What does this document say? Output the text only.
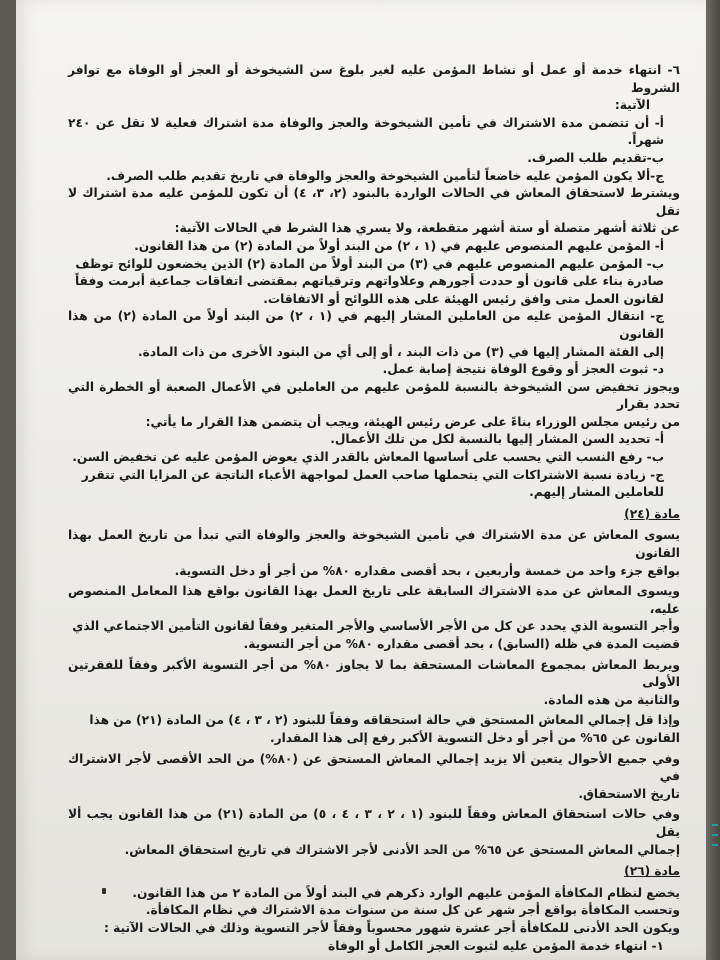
٦- انتهاء خدمة أو عمل أو نشاط المؤمن عليه لغير بلوغ سن الشيخوخة أو العجز أو الوفاة مع توافر الشروط
الآتية:
أ- أن تتضمن مدة الاشتراك في تأمين الشيخوخة والعجز والوفاة مدة اشتراك فعلية لا تقل عن ٢٤٠ شهراً.
ب-تقديم طلب الصرف.
ج-ألا يكون المؤمن عليه خاضعاً لتأمين الشيخوخة والعجز والوفاة في تاريخ تقديم طلب الصرف.
ويشترط لاستحقاق المعاش في الحالات الواردة بالبنود (٢، ٣، ٤) أن تكون للمؤمن عليه مدة اشتراك لا تقل
عن ثلاثة أشهر متصلة أو ستة أشهر متقطعة، ولا يسري هذا الشرط في الحالات الآتية:
أ- المؤمن عليهم المنصوص عليهم في (١ ، ٢) من البند أولاً من المادة (٢) من هذا القانون.
ب- المؤمن عليهم المنصوص عليهم في (٣) من البند أولاً من المادة (٢) الذين يخضعون للوائح توظف
صادرة بناء على قانون أو حددت أجورهم وعلاواتهم وترقياتهم بمقتضى اتفاقات جماعية أبرمت وفقاً
لقانون العمل متى وافق رئيس الهيئة على هذه اللوائح أو الاتفاقات.
ج- انتقال المؤمن عليه من العاملين المشار إليهم في (١ ، ٢) من البند أولاً من المادة (٢) من هذا القانون
إلى الفئة المشار إليها في (٣) من ذات البند ، أو إلى أي من البنود الأخرى من ذات المادة.
د- ثبوت العجز أو وقوع الوفاة نتيجة إصابة عمل.
ويجوز تخفيض سن الشيخوخة بالنسبة للمؤمن عليهم من العاملين في الأعمال الصعبة أو الخطرة التي تحدد بقرار
من رئيس مجلس الوزراء بناءً على عرض رئيس الهيئة، ويجب أن يتضمن هذا القرار ما يأتي:
أ- تحديد السن المشار إليها بالنسبة لكل من تلك الأعمال.
ب- رفع النسب التي يحسب على أساسها المعاش بالقدر الذي يعوض المؤمن عليه عن تخفيض السن.
ج- زيادة نسبة الاشتراكات التي يتحملها صاحب العمل لمواجهة الأعباء الناتجة عن المزايا التي تتقرر
للعاملين المشار إليهم.
مادة (٢٤)
يسوى المعاش عن مدة الاشتراك في تأمين الشيخوخة والعجز والوفاة التي تبدأ من تاريخ العمل بهذا القانون
بواقع جزء واحد من خمسة وأربعين ، بحد أقصى مقداره ٨٠% من أجر أو دخل التسوية.
ويسوى المعاش عن مدة الاشتراك السابقة على تاريخ العمل بهذا القانون بواقع هذا المعامل المنصوص عليه،
وأجر التسوية الذي يحدد عن كل من الأجر الأساسي والأجر المتغير وفقاً لقانون التأمين الاجتماعي الذي
قضيت المدة في ظله (السابق) ، بحد أقصى مقداره ٨٠% من أجر التسوية.
ويربط المعاش بمجموع المعاشات المستحقة بما لا يجاوز ٨٠% من أجر التسوية الأكبر وفقاً للفقرتين الأولى
والثانية من هذه المادة.
وإذا قل إجمالي المعاش المستحق في حالة استحقاقه وفقاً للبنود (٢ ، ٣ ، ٤) من المادة (٢١) من هذا
القانون عن ٦٥% من أجر أو دخل التسوية الأكبر رفع إلى هذا المقدار.
وفي جميع الأحوال يتعين ألا يزيد إجمالي المعاش المستحق عن (٨٠%) من الحد الأقصى لأجر الاشتراك في
تاريخ الاستحقاق.
وفي حالات استحقاق المعاش وفقاً للبنود (١ ، ٢ ، ٣ ، ٤ ، ٥) من المادة (٢١) من هذا القانون يجب ألا يقل
إجمالي المعاش المستحق عن ٦٥% من الحد الأدنى لأجر الاشتراك في تاريخ استحقاق المعاش.
مادة (٢٦)
يخضع لنظام المكافأة المؤمن عليهم الوارد ذكرهم في البند أولاً من المادة ٢ من هذا القانون.
وتحسب المكافأة بواقع أجر شهر عن كل سنة من سنوات مدة الاشتراك في نظام المكافأة.
ويكون الحد الأدنى للمكافأة أجر عشرة شهور محسوباً وفقاً لأجر التسوية وذلك في الحالات الآتية :
١- انتهاء خدمة المؤمن عليه لثبوت العجز الكامل أو الوفاة
